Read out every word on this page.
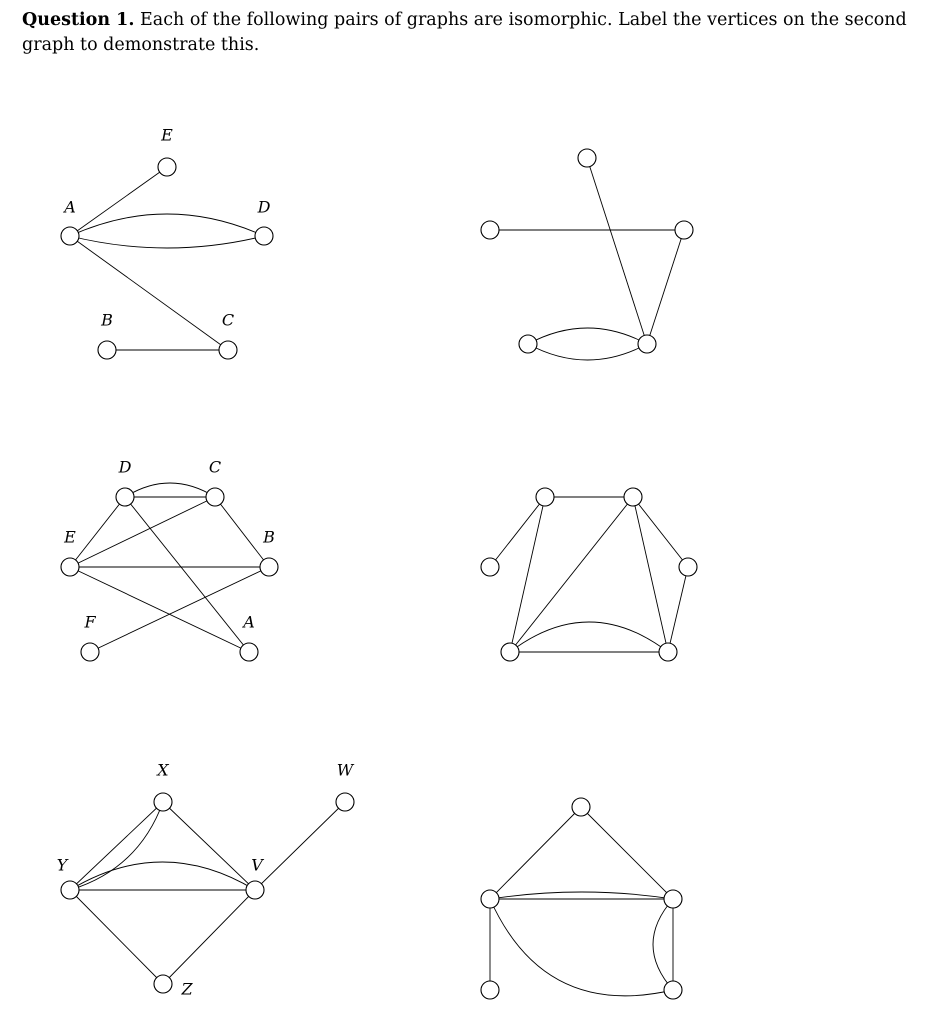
Question 1. Each of the following pairs of graphs are isomorphic. Label the vertices on the second graph to demonstrate this.
E
A	D
B	C
D	C
E	B
F	A
X	W
Y	V
Z
